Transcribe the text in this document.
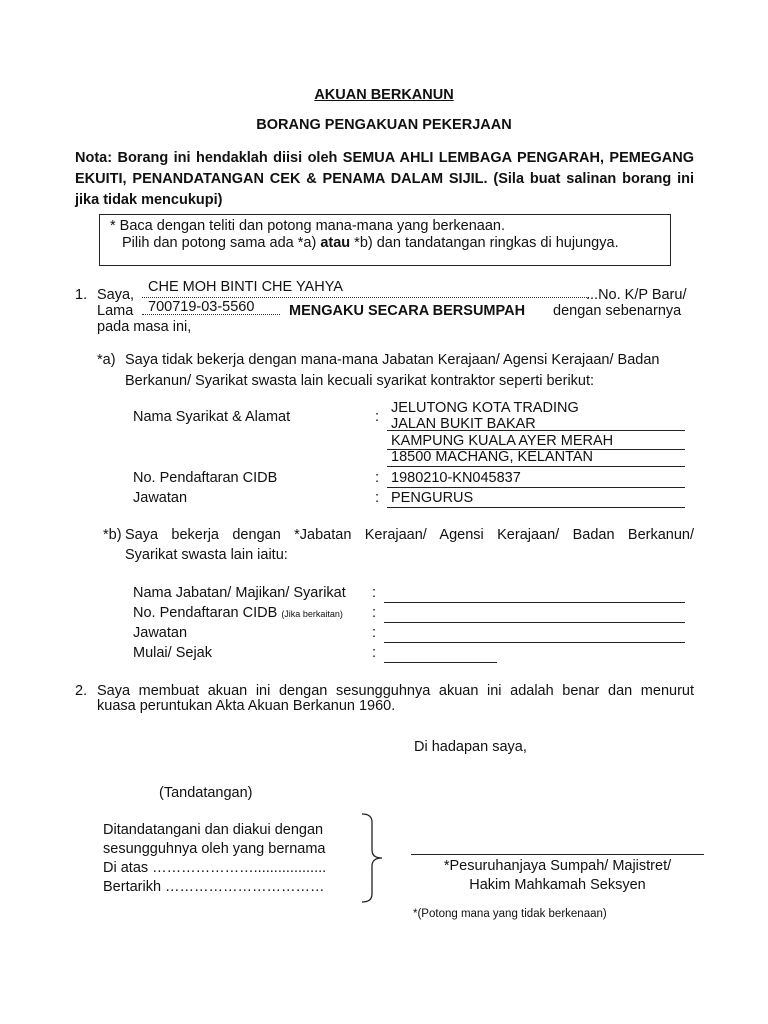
AKUAN BERKANUN
BORANG PENGAKUAN PEKERJAAN
Nota: Borang ini hendaklah diisi oleh SEMUA AHLI LEMBAGA PENGARAH, PEMEGANG EKUITI, PENANDATANGAN CEK & PENAMA DALAM SIJIL. (Sila buat salinan borang ini jika tidak mencukupi)
* Baca dengan teliti dan potong mana-mana yang berkenaan.
Pilih dan potong sama ada *a) atau *b) dan tandatangan ringkas di hujungya.
1. Saya, CHE MOH BINTI CHE YAHYA	...No. K/P Baru/
Lama 700719-03-5560 MENGAKU SECARA BERSUMPAH dengan sebenarnya
pada masa ini,
*a) Saya tidak bekerja dengan mana-mana Jabatan Kerajaan/ Agensi Kerajaan/ Badan
Berkanun/ Syarikat swasta lain kecuali syarikat kontraktor seperti berikut:
Nama Syarikat & Alamat	:
JELUTONG KOTA TRADING
JALAN BUKIT BAKAR
KAMPUNG KUALA AYER MERAH
18500 MACHANG, KELANTAN
No. Pendaftaran CIDB	: 1980210-KN045837
Jawatan	: PENGURUS
*b) Saya bekerja dengan *Jabatan Kerajaan/ Agensi Kerajaan/ Badan Berkanun/
Syarikat swasta lain iaitu:
Nama Jabatan/ Majikan/ Syarikat :
No. Pendaftaran CIDB (Jika berkaitan) :
Jawatan	:
Mulai/ Sejak	:
2. Saya membuat akuan ini dengan sesungguhnya akuan ini adalah benar dan menurut
kuasa peruntukan Akta Akuan Berkanun 1960.
Di hadapan saya,
(Tandatangan)
Ditandatangani dan diakui dengan
sesungguhnya oleh yang bernama
Di atas …………………..................
Bertarikh ……………………………
*Pesuruhanjaya Sumpah/ Majistret/
Hakim Mahkamah Seksyen
*(Potong mana yang tidak berkenaan)
